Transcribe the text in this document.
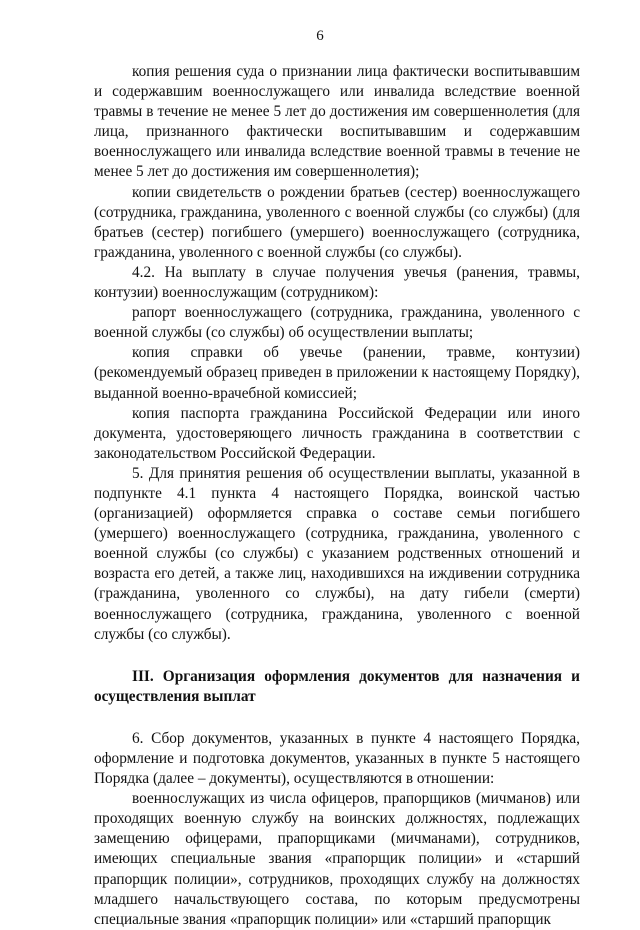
6

копия решения суда о признании лица фактически воспитывавшим и содержавшим военнослужащего или инвалида вследствие военной травмы в течение не менее 5 лет до достижения им совершеннолетия (для лица, признанного фактически воспитывавшим и содержавшим военнослужащего или инвалида вследствие военной травмы в течение не менее 5 лет до достижения им совершеннолетия);

копии свидетельств о рождении братьев (сестер) военнослужащего (сотрудника, гражданина, уволенного с военной службы (со службы) (для братьев (сестер) погибшего (умершего) военнослужащего (сотрудника, гражданина, уволенного с военной службы (со службы).

4.2. На выплату в случае получения увечья (ранения, травмы, контузии) военнослужащим (сотрудником):

рапорт военнослужащего (сотрудника, гражданина, уволенного с военной службы (со службы) об осуществлении выплаты;

копия справки об увечье (ранении, травме, контузии) (рекомендуемый образец приведен в приложении к настоящему Порядку), выданной военно-врачебной комиссией;

копия паспорта гражданина Российской Федерации или иного документа, удостоверяющего личность гражданина в соответствии с законодательством Российской Федерации.

5. Для принятия решения об осуществлении выплаты, указанной в подпункте 4.1 пункта 4 настоящего Порядка, воинской частью (организацией) оформляется справка о составе семьи погибшего (умершего) военнослужащего (сотрудника, гражданина, уволенного с военной службы (со службы) с указанием родственных отношений и возраста его детей, а также лиц, находившихся на иждивении сотрудника (гражданина, уволенного со службы), на дату гибели (смерти) военнослужащего (сотрудника, гражданина, уволенного с военной службы (со службы).

III. Организация оформления документов для назначения и осуществления выплат

6. Сбор документов, указанных в пункте 4 настоящего Порядка, оформление и подготовка документов, указанных в пункте 5 настоящего Порядка (далее – документы), осуществляются в отношении:

военнослужащих из числа офицеров, прапорщиков (мичманов) или проходящих военную службу на воинских должностях, подлежащих замещению офицерами, прапорщиками (мичманами), сотрудников, имеющих специальные звания «прапорщик полиции» и «старший прапорщик полиции», сотрудников, проходящих службу на должностях младшего начальствующего состава, по которым предусмотрены специальные звания «прапорщик полиции» или «старший прапорщик
